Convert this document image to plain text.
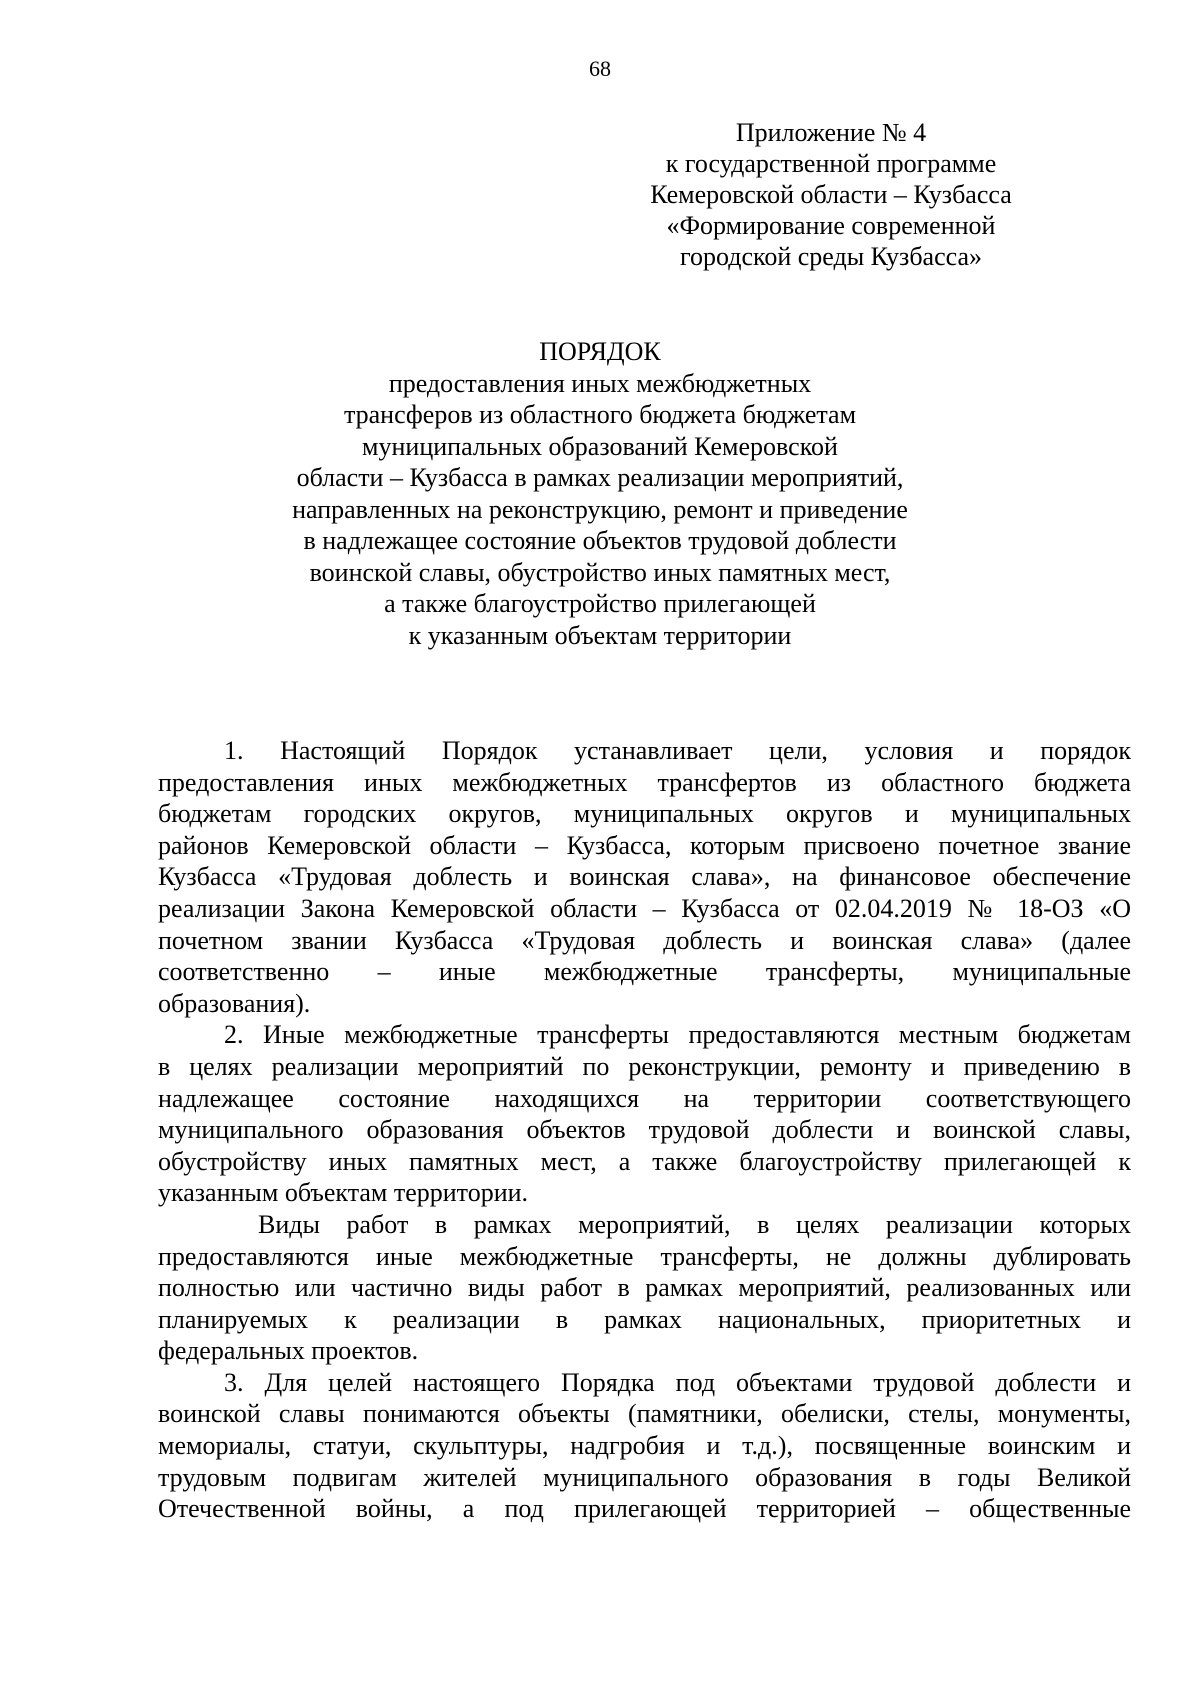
68
Приложение № 4
к государственной программе
Кемеровской области – Кузбасса
«Формирование современной
городской среды Кузбасса»
ПОРЯДОК
предоставления иных межбюджетных
трансферов из областного бюджета бюджетам
муниципальных образований Кемеровской
области – Кузбасса в рамках реализации мероприятий,
направленных на реконструкцию, ремонт и приведение
в надлежащее состояние объектов трудовой доблести
воинской славы, обустройство иных памятных мест,
а также благоустройство прилегающей
к указанным объектам территории
1. Настоящий Порядок устанавливает цели, условия и порядок
предоставления иных межбюджетных трансфертов из областного бюджета
бюджетам городских округов, муниципальных округов и муниципальных
районов Кемеровской области – Кузбасса, которым присвоено почетное звание
Кузбасса «Трудовая доблесть и воинская слава», на финансовое обеспечение
реализации Закона Кемеровской области – Кузбасса от 02.04.2019 № 18-ОЗ «О
почетном звании Кузбасса «Трудовая доблесть и воинская слава» (далее
соответственно – иные межбюджетные трансферты, муниципальные
образования).
2. Иные межбюджетные трансферты предоставляются местным бюджетам
в целях реализации мероприятий по реконструкции, ремонту и приведению в
надлежащее состояние находящихся на территории соответствующего
муниципального образования объектов трудовой доблести и воинской славы,
обустройству иных памятных мест, а также благоустройству прилегающей к
указанным объектам территории.
Виды работ в рамках мероприятий, в целях реализации которых
предоставляются иные межбюджетные трансферты, не должны дублировать
полностью или частично виды работ в рамках мероприятий, реализованных или
планируемых к реализации в рамках национальных, приоритетных и
федеральных проектов.
3. Для целей настоящего Порядка под объектами трудовой доблести и
воинской славы понимаются объекты (памятники, обелиски, стелы, монументы,
мемориалы, статуи, скульптуры, надгробия и т.д.), посвященные воинским и
трудовым подвигам жителей муниципального образования в годы Великой
Отечественной войны, а под прилегающей территорией – общественные
